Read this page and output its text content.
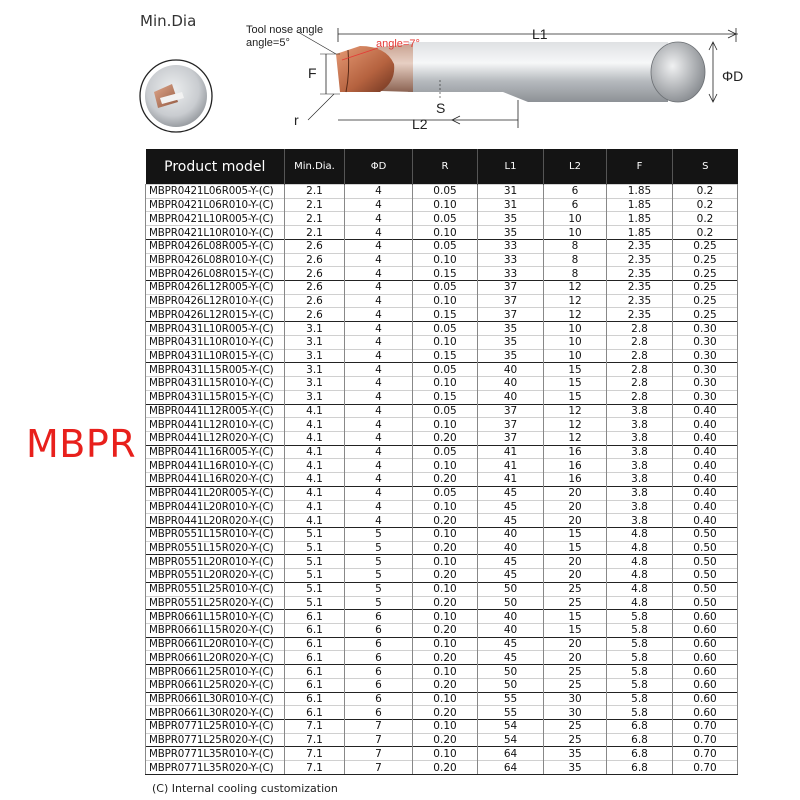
Min.Dia	Tool nose angle
angle=5°	angle=7°
L1
F
S
r	L2
ΦD
MBPR
Product model	Min.Dia.	ΦD	R	L1	L2	F	S
MBPR0421L06R005-Y-(C)	2.1	4	0.05	31	6	1.85	0.2
MBPR0421L06R010-Y-(C)	2.1	4	0.10	31	6	1.85	0.2
MBPR0421L10R005-Y-(C)	2.1	4	0.05	35	10	1.85	0.2
MBPR0421L10R010-Y-(C)	2.1	4	0.10	35	10	1.85	0.2
MBPR0426L08R005-Y-(C)	2.6	4	0.05	33	8	2.35	0.25
MBPR0426L08R010-Y-(C)	2.6	4	0.10	33	8	2.35	0.25
MBPR0426L08R015-Y-(C)	2.6	4	0.15	33	8	2.35	0.25
MBPR0426L12R005-Y-(C)	2.6	4	0.05	37	12	2.35	0.25
MBPR0426L12R010-Y-(C)	2.6	4	0.10	37	12	2.35	0.25
MBPR0426L12R015-Y-(C)	2.6	4	0.15	37	12	2.35	0.25
MBPR0431L10R005-Y-(C)	3.1	4	0.05	35	10	2.8	0.30
MBPR0431L10R010-Y-(C)	3.1	4	0.10	35	10	2.8	0.30
MBPR0431L10R015-Y-(C)	3.1	4	0.15	35	10	2.8	0.30
MBPR0431L15R005-Y-(C)	3.1	4	0.05	40	15	2.8	0.30
MBPR0431L15R010-Y-(C)	3.1	4	0.10	40	15	2.8	0.30
MBPR0431L15R015-Y-(C)	3.1	4	0.15	40	15	2.8	0.30
MBPR0441L12R005-Y-(C)	4.1	4	0.05	37	12	3.8	0.40
MBPR0441L12R010-Y-(C)	4.1	4	0.10	37	12	3.8	0.40
MBPR0441L12R020-Y-(C)	4.1	4	0.20	37	12	3.8	0.40
MBPR0441L16R005-Y-(C)	4.1	4	0.05	41	16	3.8	0.40
MBPR0441L16R010-Y-(C)	4.1	4	0.10	41	16	3.8	0.40
MBPR0441L16R020-Y-(C)	4.1	4	0.20	41	16	3.8	0.40
MBPR0441L20R005-Y-(C)	4.1	4	0.05	45	20	3.8	0.40
MBPR0441L20R010-Y-(C)	4.1	4	0.10	45	20	3.8	0.40
MBPR0441L20R020-Y-(C)	4.1	4	0.20	45	20	3.8	0.40
MBPR0551L15R010-Y-(C)	5.1	5	0.10	40	15	4.8	0.50
MBPR0551L15R020-Y-(C)	5.1	5	0.20	40	15	4.8	0.50
MBPR0551L20R010-Y-(C)	5.1	5	0.10	45	20	4.8	0.50
MBPR0551L20R020-Y-(C)	5.1	5	0.20	45	20	4.8	0.50
MBPR0551L25R010-Y-(C)	5.1	5	0.10	50	25	4.8	0.50
MBPR0551L25R020-Y-(C)	5.1	5	0.20	50	25	4.8	0.50
MBPR0661L15R010-Y-(C)	6.1	6	0.10	40	15	5.8	0.60
MBPR0661L15R020-Y-(C)	6.1	6	0.20	40	15	5.8	0.60
MBPR0661L20R010-Y-(C)	6.1	6	0.10	45	20	5.8	0.60
MBPR0661L20R020-Y-(C)	6.1	6	0.20	45	20	5.8	0.60
MBPR0661L25R010-Y-(C)	6.1	6	0.10	50	25	5.8	0.60
MBPR0661L25R020-Y-(C)	6.1	6	0.20	50	25	5.8	0.60
MBPR0661L30R010-Y-(C)	6.1	6	0.10	55	30	5.8	0.60
MBPR0661L30R020-Y-(C)	6.1	6	0.20	55	30	5.8	0.60
MBPR0771L25R010-Y-(C)	7.1	7	0.10	54	25	6.8	0.70
MBPR0771L25R020-Y-(C)	7.1	7	0.20	54	25	6.8	0.70
MBPR0771L35R010-Y-(C)	7.1	7	0.10	64	35	6.8	0.70
MBPR0771L35R020-Y-(C)	7.1	7	0.20	64	35	6.8	0.70
(C) Internal cooling customization
